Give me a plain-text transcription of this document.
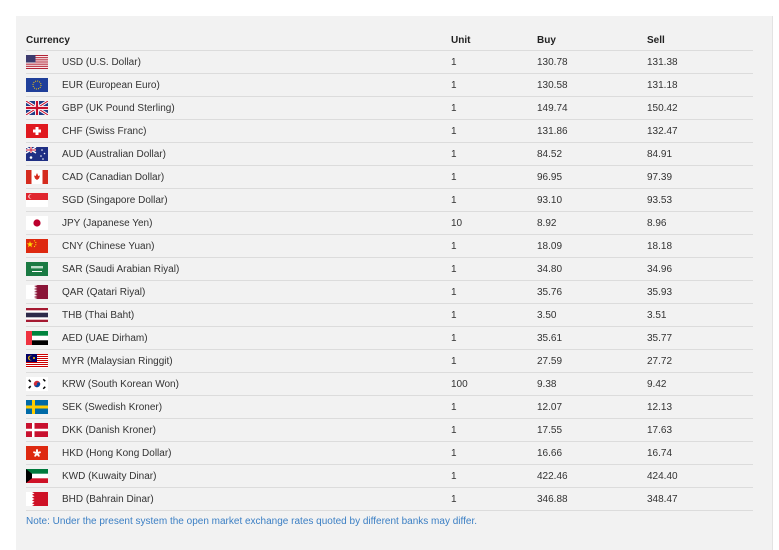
Currency	Unit	Buy	Sell

USD (U.S. Dollar)	1	130.78	131.38

EUR (European Euro)	1	130.58	131.18

GBP (UK Pound Sterling)	1	149.74	150.42

CHF (Swiss Franc)	1	131.86	132.47

AUD (Australian Dollar)	1	84.52	84.91

CAD (Canadian Dollar)	1	96.95	97.39

SGD (Singapore Dollar)	1	93.10	93.53

JPY (Japanese Yen)	10	8.92	8.96

CNY (Chinese Yuan)	1	18.09	18.18

SAR (Saudi Arabian Riyal)	1	34.80	34.96

QAR (Qatari Riyal)	1	35.76	35.93

THB (Thai Baht)	1	3.50	3.51

AED (UAE Dirham)	1	35.61	35.77

MYR (Malaysian Ringgit)	1	27.59	27.72

KRW (South Korean Won)	100	9.38	9.42

SEK (Swedish Kroner)	1	12.07	12.13

DKK (Danish Kroner)	1	17.55	17.63

HKD (Hong Kong Dollar)	1	16.66	16.74

KWD (Kuwaity Dinar)	1	422.46	424.40

BHD (Bahrain Dinar)	1	346.88	348.47
Note: Under the present system the open market exchange rates quoted by different banks may differ.
